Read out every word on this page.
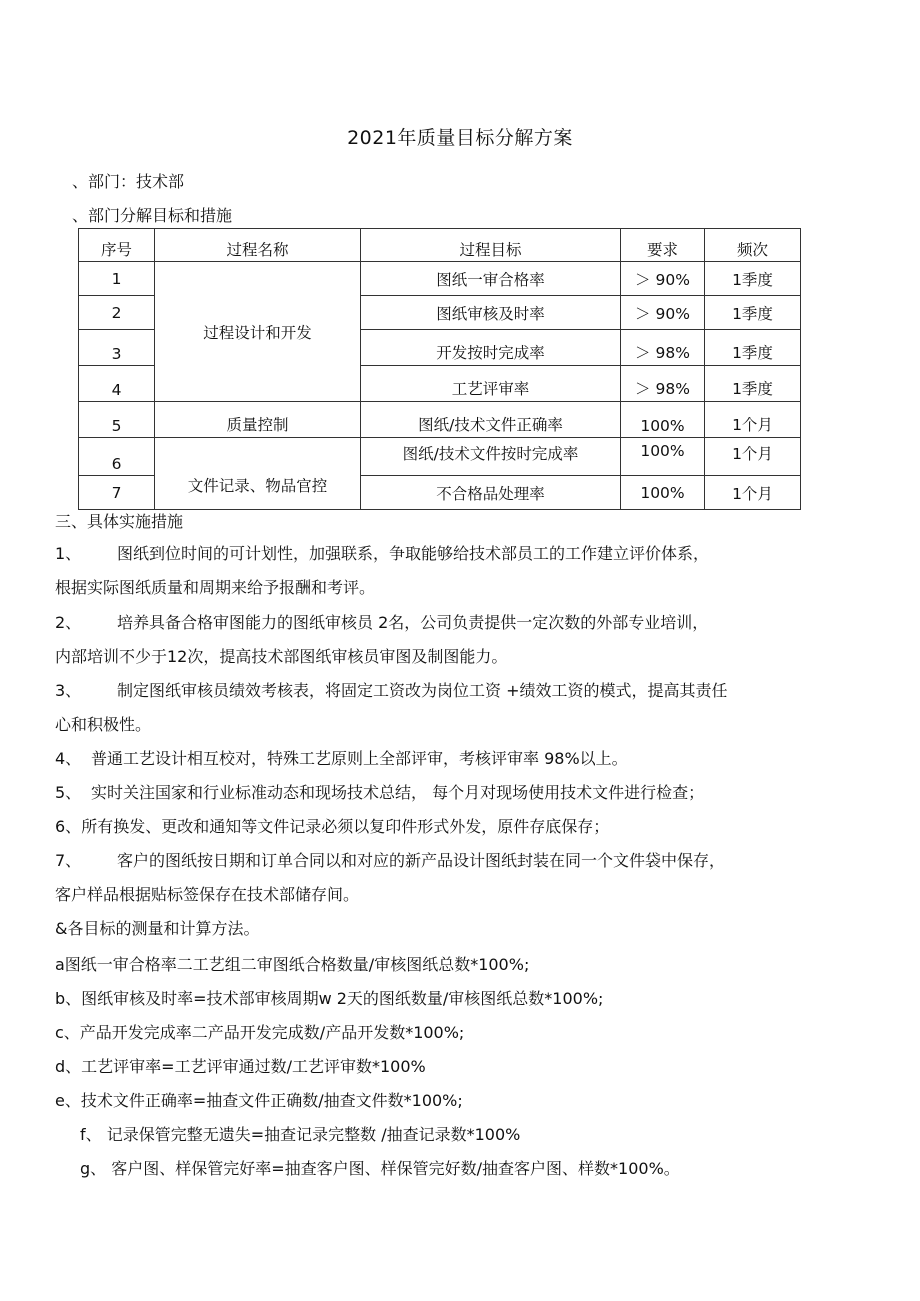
2021年质量目标分解方案
、部门：技术部
、部门分解目标和措施
序号	过程名称	过程目标	要求	频次
1	过程设计和开发	图纸一审合格率	＞ 90%	1季度
2		图纸审核及时率	＞ 90%	1季度
3		开发按时完成率	＞ 98%	1季度
4		工艺评审率	＞ 98%	1季度
5	质量控制	图纸/技术文件正确率	100%	1个月
6	文件记录、物品官控	图纸/技术文件按时完成率	100%	1个月
7		不合格品处理率	100%	1个月
三、具体实施措施
1、 图纸到位时间的可计划性，加强联系，争取能够给技术部员工的工作建立评价体系，
根据实际图纸质量和周期来给予报酬和考评。
2、 培养具备合格审图能力的图纸审核员 2名，公司负责提供一定次数的外部专业培训，
内部培训不少于12次，提高技术部图纸审核员审图及制图能力。
3、 制定图纸审核员绩效考核表，将固定工资改为岗位工资 +绩效工资的模式，提高其责任
心和积极性。
4、 普通工艺设计相互校对，特殊工艺原则上全部评审，考核评审率 98%以上。
5、 实时关注国家和行业标准动态和现场技术总结， 每个月对现场使用技术文件进行检查；
6、所有换发、更改和通知等文件记录必须以复印件形式外发，原件存底保存；
7、 客户的图纸按日期和订单合同以和对应的新产品设计图纸封装在同一个文件袋中保存，
客户样品根据贴标签保存在技术部储存间。
&各目标的测量和计算方法。
a图纸一审合格率二工艺组二审图纸合格数量/审核图纸总数*100%;
b、图纸审核及时率=技术部审核周期w 2天的图纸数量/审核图纸总数*100%;
c、产品开发完成率二产品开发完成数/产品开发数*100%;
d、工艺评审率=工艺评审通过数/工艺评审数*100%
e、技术文件正确率=抽查文件正确数/抽查文件数*100%;
f、 记录保管完整无遗失=抽查记录完整数 /抽查记录数*100%
g、 客户图、样保管完好率=抽查客户图、样保管完好数/抽查客户图、样数*100%。
